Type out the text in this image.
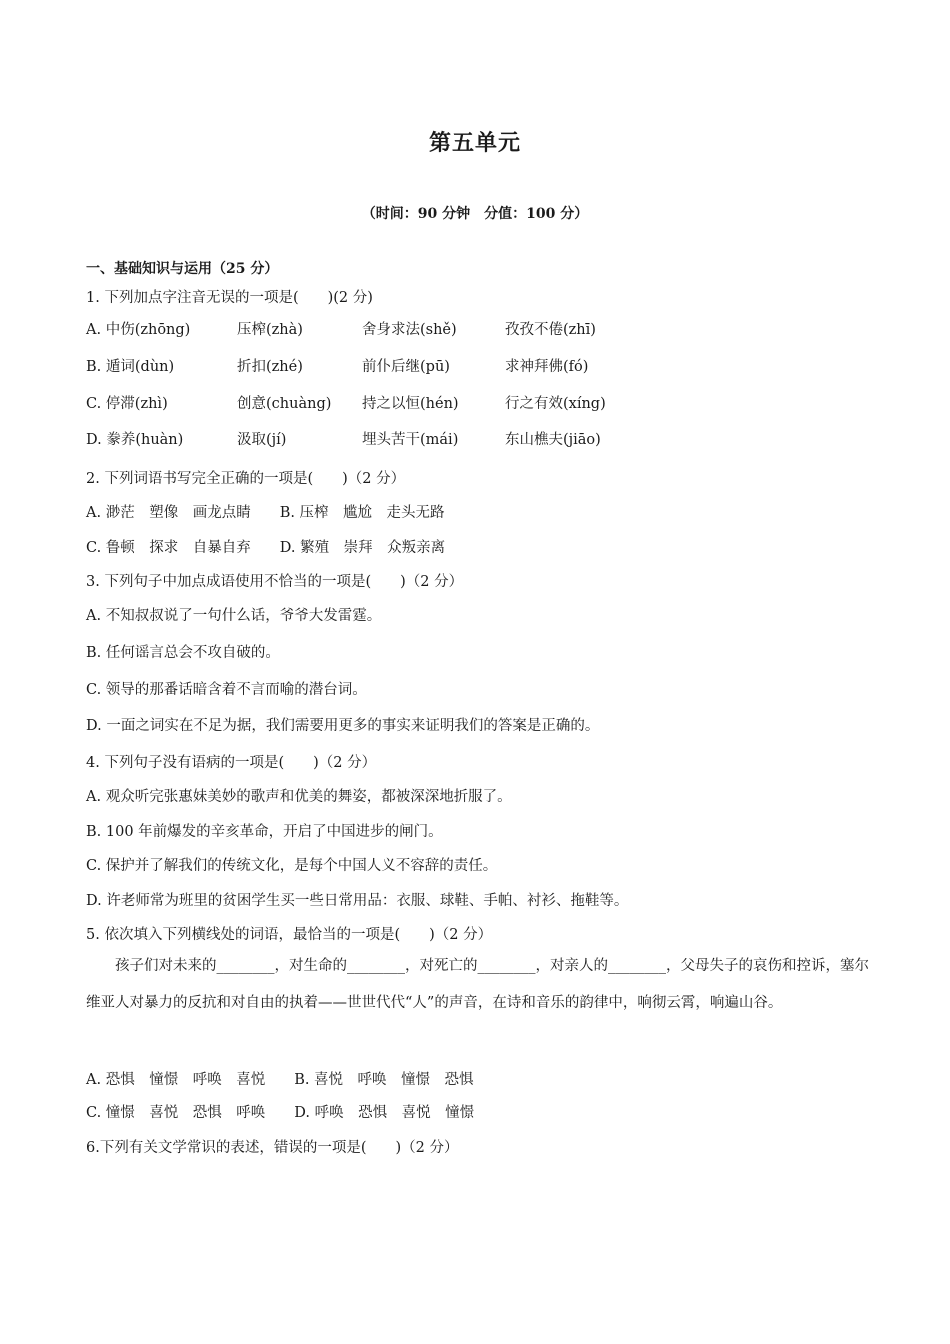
第五单元
（时间：90 分钟　分值：100 分）
一、基础知识与运用（25 分）
1. 下列加点字注音无误的一项是(　　)(2 分)
A. 中伤(zhōng)	压榨(zhà)	舍身求法(shě)	孜孜不倦(zhī)
B. 遁词(dùn)	折扣(zhé)	前仆后继(pū)	求神拜佛(fó)
C. 停滞(zhì)	创意(chuàng) 持之以恒(hén)	行之有效(xíng)
D. 豢养(huàn)	汲取(jí)	埋头苦干(mái)	东山樵夫(jiāo)
2. 下列词语书写完全正确的一项是(　　)（2 分）
A. 渺茫　塑像　画龙点睛　　B. 压榨　尴尬　走头无路
C. 鲁顿　探求　自暴自弃　　D. 繁殖　崇拜　众叛亲离
3. 下列句子中加点成语使用不恰当的一项是(　　)（2 分）
A. 不知叔叔说了一句什么话，爷爷大发雷霆。
B. 任何谣言总会不攻自破的。
C. 领导的那番话暗含着不言而喻的潜台词。
D. 一面之词实在不足为据，我们需要用更多的事实来证明我们的答案是正确的。
4. 下列句子没有语病的一项是(　　)（2 分）
A. 观众听完张惠妹美妙的歌声和优美的舞姿，都被深深地折服了。
B. 100 年前爆发的辛亥革命，开启了中国进步的闸门。
C. 保护并了解我们的传统文化，是每个中国人义不容辞的责任。
D. 许老师常为班里的贫困学生买一些日常用品：衣服、球鞋、手帕、衬衫、拖鞋等。
5. 依次填入下列横线处的词语，最恰当的一项是(　　)（2 分）
孩子们对未来的________，对生命的________，对死亡的________，对亲人的________，父母失子的哀伤和控诉，塞尔维亚人对暴力的反抗和对自由的执着——世世代代“人”的声音，在诗和音乐的韵律中，响彻云霄，响遍山谷。
A. 恐惧　憧憬　呼唤　喜悦　　B. 喜悦　呼唤　憧憬　恐惧
C. 憧憬　喜悦　恐惧　呼唤　　D. 呼唤　恐惧　喜悦　憧憬
6.下列有关文学常识的表述，错误的一项是(　　)（2 分）
